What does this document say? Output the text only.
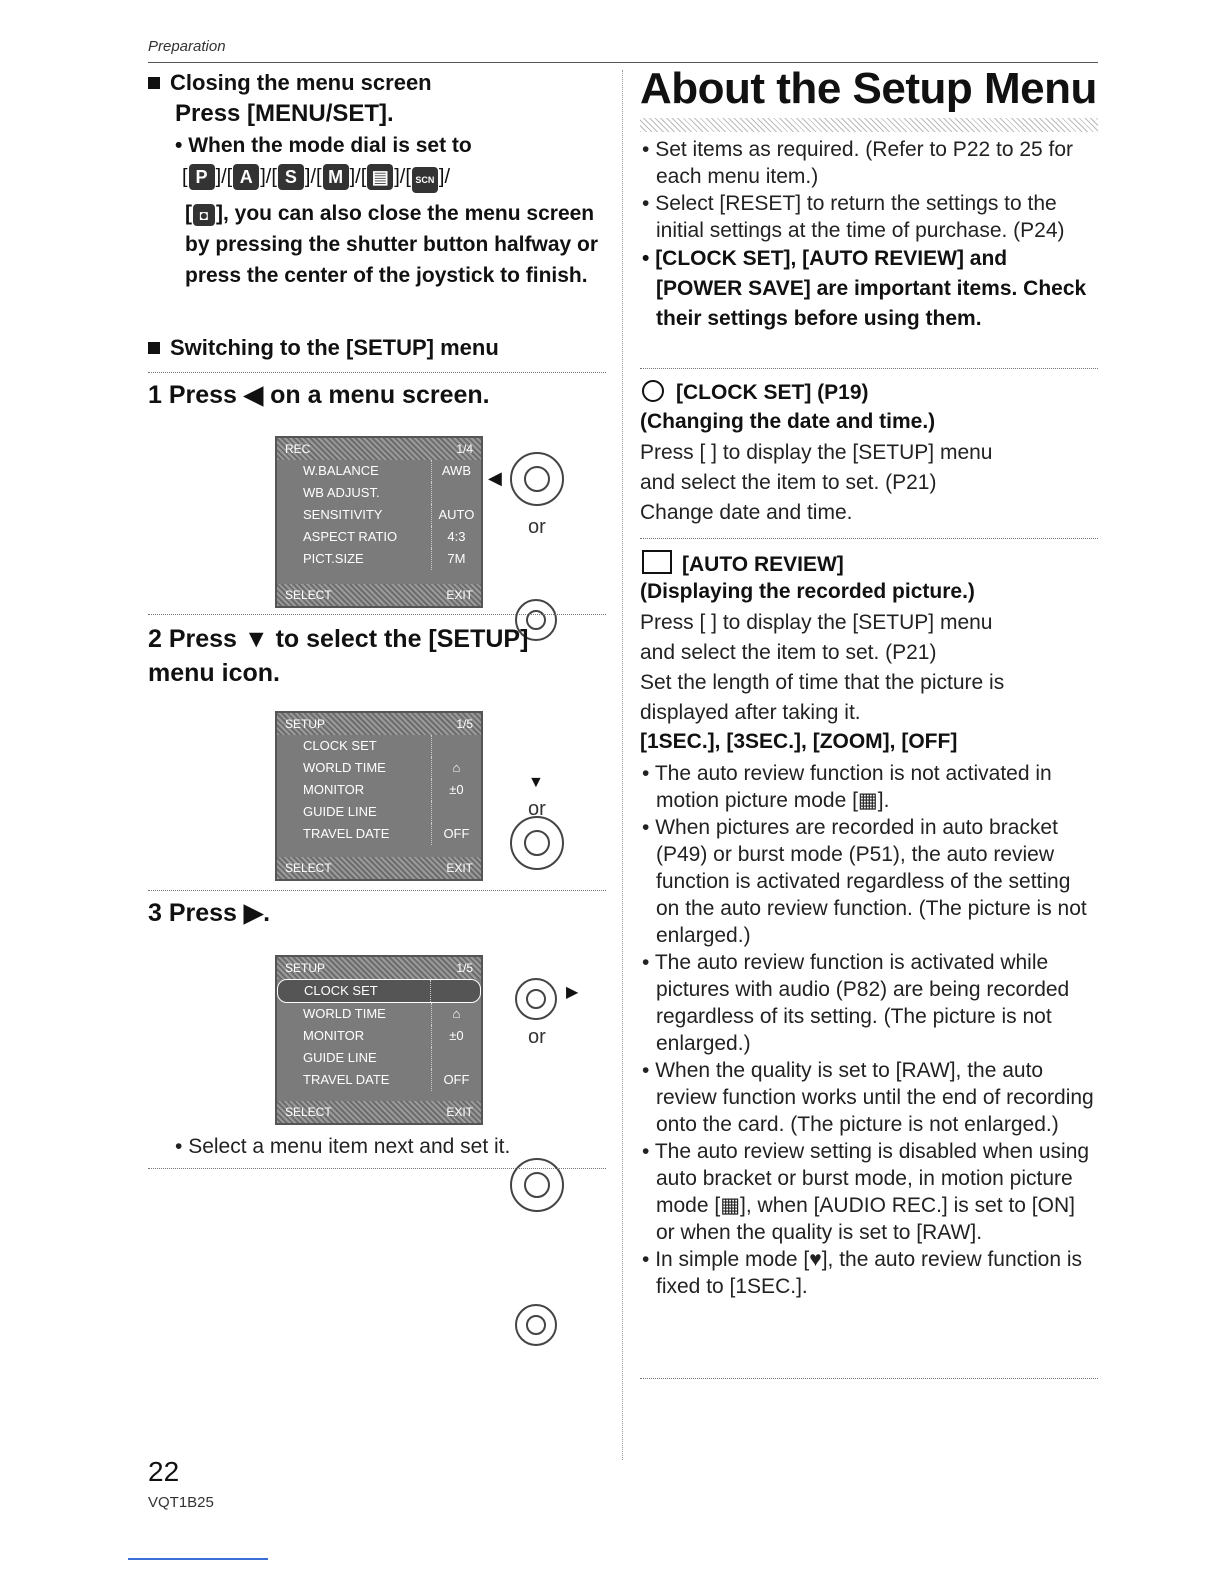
Preparation
Closing the menu screen
Press [MENU/SET].
• When the mode dial is set to
[ P ]/[ A ]/[ S ]/[ M ]/[ ▤ ]/[ SCN ]/
[ ◘ ], you can also close the menu screen by pressing the shutter button halfway or press the center of the joystick to finish.
Switching to the [SETUP] menu
1 Press ◀ on a menu screen.
REC	1/4
W.BALANCE	AWB
WB ADJUST.
SENSITIVITY	AUTO
ASPECT RATIO	4:3
PICT.SIZE	7M
SELECT	EXIT
◀
or
2 Press ▼ to select the [SETUP] menu icon.
SETUP	1/5
CLOCK SET
WORLD TIME	⌂
MONITOR	±0
GUIDE LINE
TRAVEL DATE	OFF
SELECT	EXIT
▼
or
3 Press ▶.
SETUP	1/5
CLOCK SET
WORLD TIME	⌂
MONITOR	±0
GUIDE LINE
TRAVEL DATE	OFF
SELECT	EXIT
▶
or
• Select a menu item next and set it.
About the Setup Menu
• Set items as required. (Refer to P22 to 25 for each menu item.)
• Select [RESET] to return the settings to the initial settings at the time of purchase. (P24)
• [CLOCK SET], [AUTO REVIEW] and [POWER SAVE] are important items. Check their settings before using them.
[CLOCK SET] (P19)
(Changing the date and time.)
Press [ ] to display the [SETUP] menu
and select the item to set. (P21)
Change date and time.
[AUTO REVIEW]
(Displaying the recorded picture.)
Press [ ] to display the [SETUP] menu
and select the item to set. (P21)
Set the length of time that the picture is
displayed after taking it.
[1SEC.], [3SEC.], [ZOOM], [OFF]
• The auto review function is not activated in motion picture mode [▦].
• When pictures are recorded in auto bracket (P49) or burst mode (P51), the auto review function is activated regardless of the setting on the auto review function. (The picture is not enlarged.)
• The auto review function is activated while pictures with audio (P82) are being recorded regardless of its setting. (The picture is not enlarged.)
• When the quality is set to [RAW], the auto review function works until the end of recording onto the card. (The picture is not enlarged.)
• The auto review setting is disabled when using auto bracket or burst mode, in motion picture mode [▦], when [AUDIO REC.] is set to [ON] or when the quality is set to [RAW].
• In simple mode [♥], the auto review function is fixed to [1SEC.].
22
VQT1B25
